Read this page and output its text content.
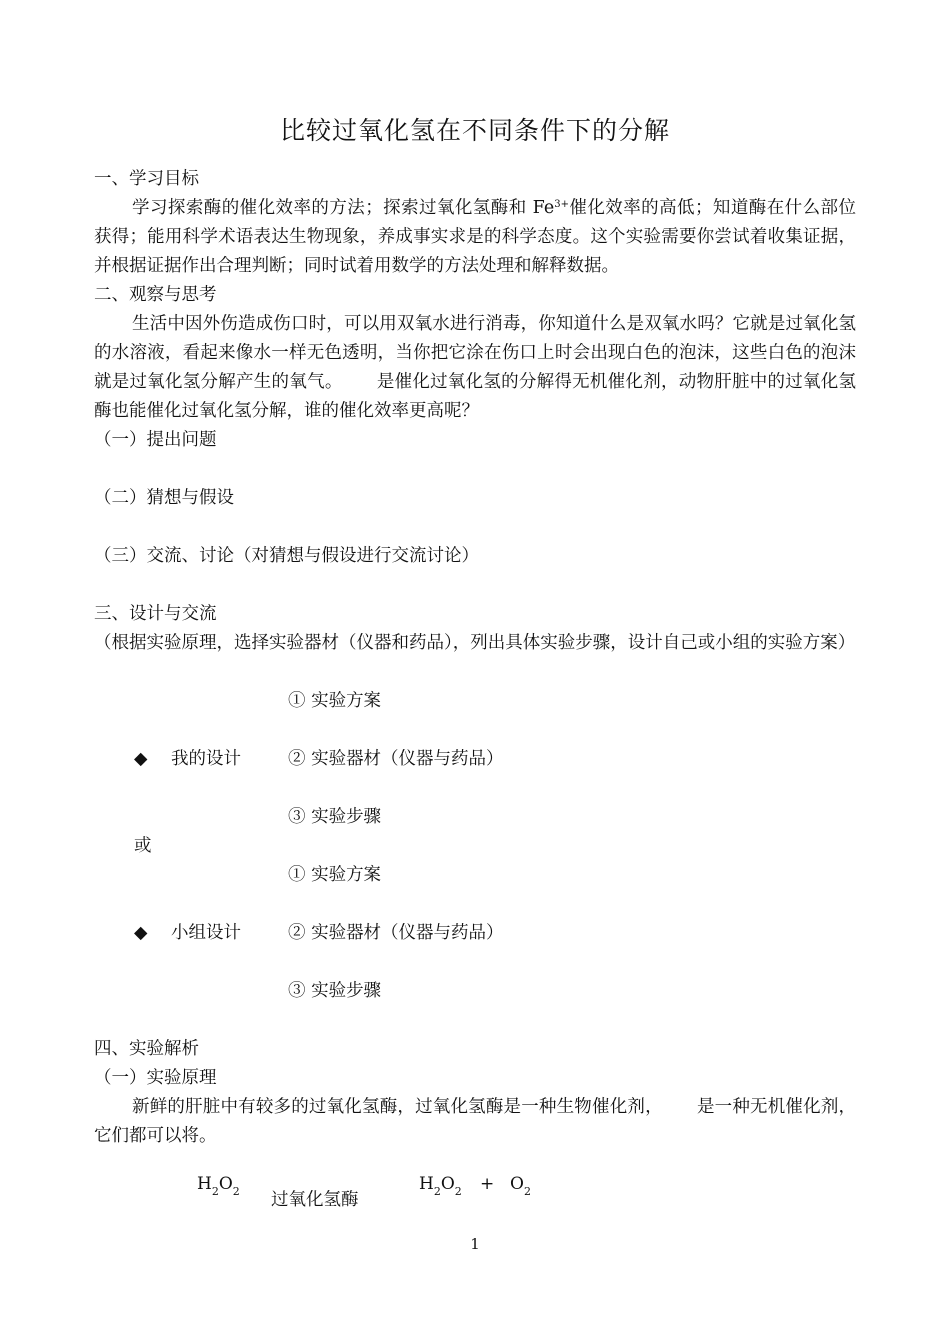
比较过氧化氢在不同条件下的分解
一、学习目标
学习探索酶的催化效率的方法；探索过氧化氢酶和 $Fe^{3+}$催化效率的高低；知道酶在什么部位获得；能用科学术语表达生物现象，养成事实求是的科学态度。这个实验需要你尝试着收集证据，并根据证据作出合理判断；同时试着用数学的方法处理和解释数据。
二、观察与思考
生活中因外伤造成伤口时，可以用双氧水进行消毒，你知道什么是双氧水吗？它就是过氧化氢的水溶液，看起来像水一样无色透明，当你把它涂在伤口上时会出现白色的泡沫，这些白色的泡沫就是过氧化氢分解产生的氧气。 是催化过氧化氢的分解得无机催化剂，动物肝脏中的过氧化氢酶也能催化过氧化氢分解，谁的催化效率更高呢？
（一）提出问题
（二）猜想与假设
（三）交流、讨论（对猜想与假设进行交流讨论）
三、设计与交流
（根据实验原理，选择实验器材（仪器和药品），列出具体实验步骤，设计自己或小组的实验方案）
① 实验方案
◆ 我的设计	② 实验器材（仪器与药品）
③ 实验步骤
或
① 实验方案
◆ 小组设计	② 实验器材（仪器与药品）
③ 实验步骤
四、实验解析
（一）实验原理
新鲜的肝脏中有较多的过氧化氢酶，过氧化氢酶是一种生物催化剂， 是一种无机催化剂，它们都可以将。
$H_2O_2$ 过氧化氢酶
$H_2O_2 + O_2$
1
